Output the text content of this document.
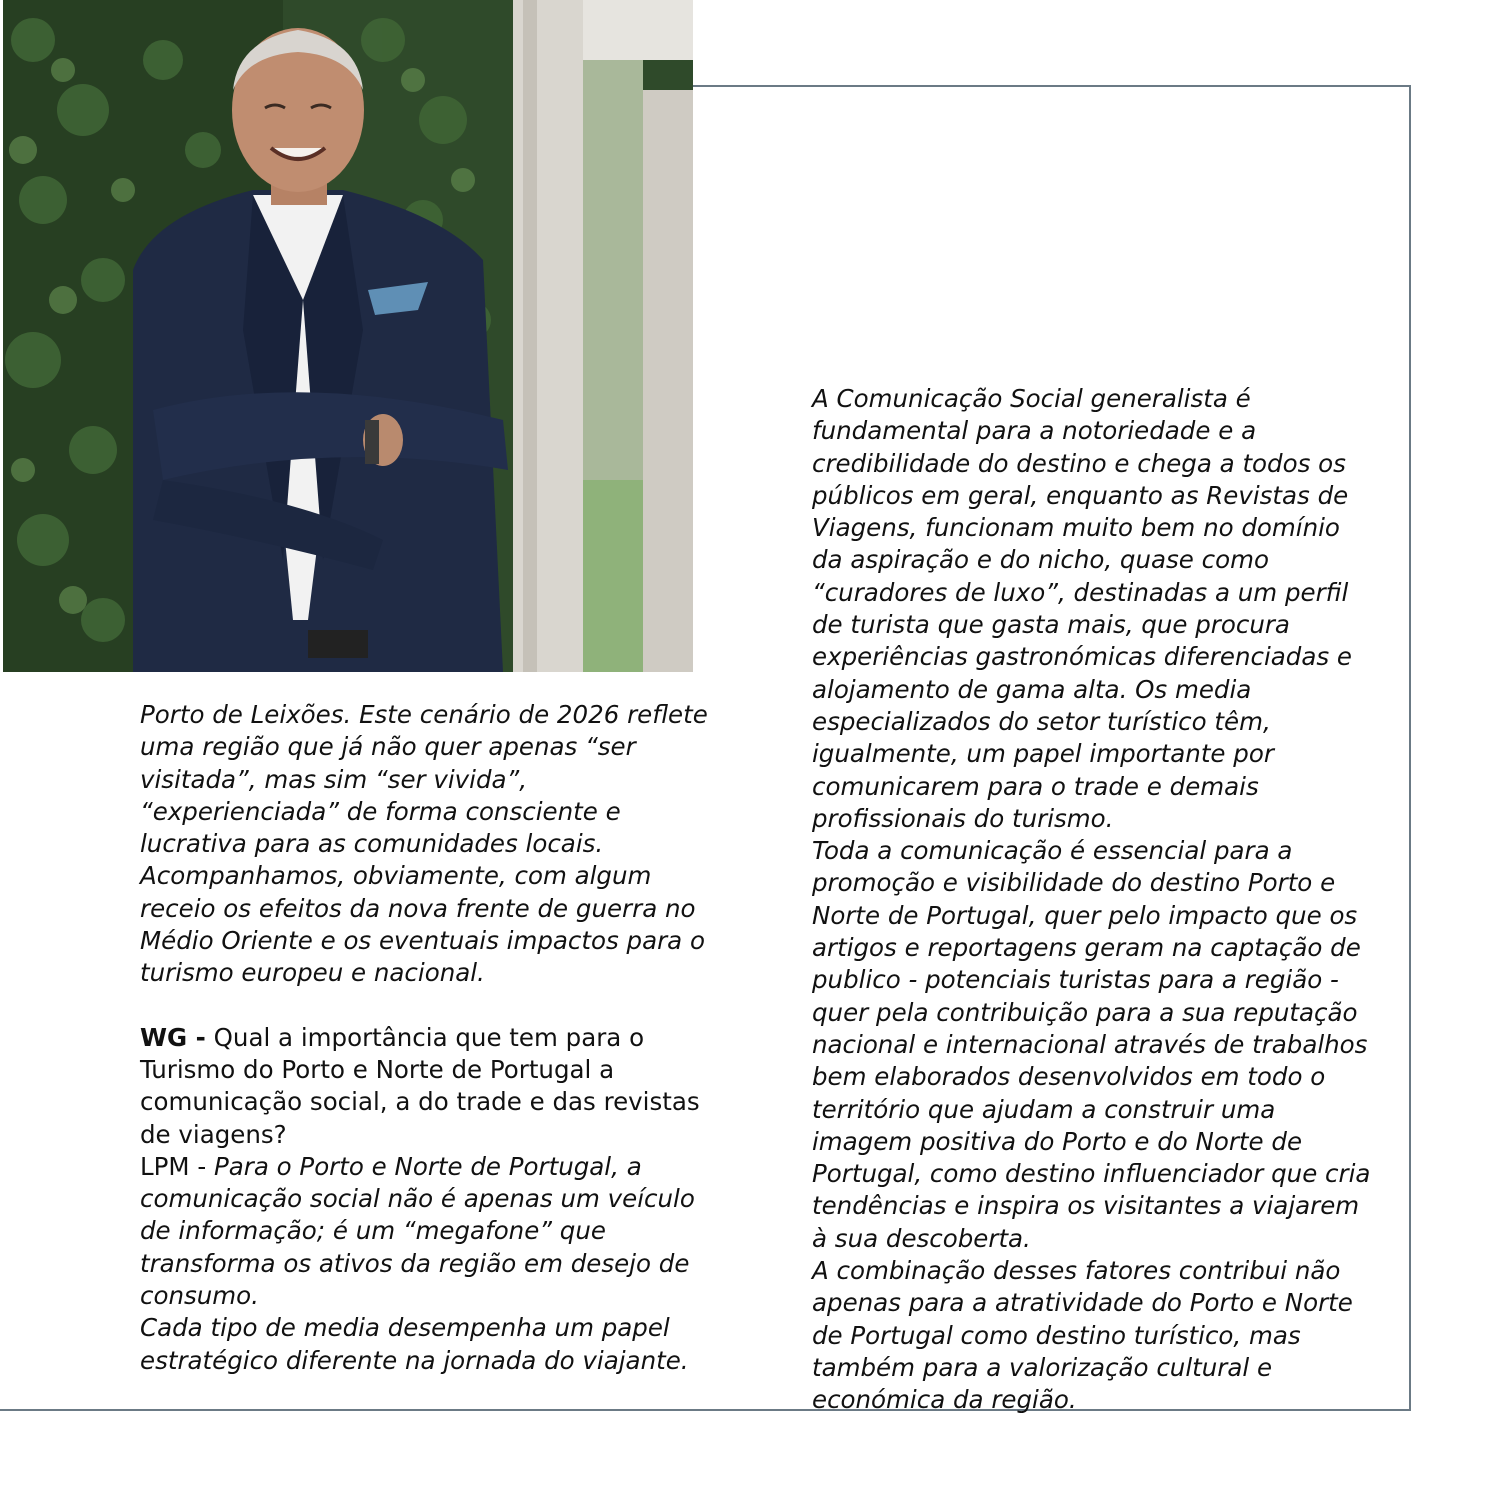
Porto de Leixões. Este cenário de 2026 reflete uma região que já não quer apenas “ser visitada”, mas sim “ser vivida”, “experienciada” de forma consciente e lucrativa para as comunidades locais. Acompanhamos, obviamente, com algum receio os efeitos da nova frente de guerra no Médio Oriente e os eventuais impactos para o turismo europeu e nacional.

WG - Qual a importância que tem para o Turismo do Porto e Norte de Portugal a comunicação social, a do trade e das revistas de viagens?

LPM - Para o Porto e Norte de Portugal, a comunicação social não é apenas um veículo de informação; é um “megafone” que transforma os ativos da região em desejo de consumo.

Cada tipo de media desempenha um papel estratégico diferente na jornada do viajante.

A Comunicação Social generalista é fundamental para a notoriedade e a credibilidade do destino e chega a todos os públicos em geral, enquanto as Revistas de Viagens, funcionam muito bem no domínio da aspiração e do nicho, quase como “curadores de luxo”, destinadas a um perfil de turista que gasta mais, que procura experiências gastronómicas diferenciadas e alojamento de gama alta. Os media especializados do setor turístico têm, igualmente, um papel importante por comunicarem para o trade e demais profissionais do turismo.

Toda a comunicação é essencial para a promoção e visibilidade do destino Porto e Norte de Portugal, quer pelo impacto que os artigos e reportagens geram na captação de publico - potenciais turistas para a região - quer pela contribuição para a sua reputação nacional e internacional através de trabalhos bem elaborados desenvolvidos em todo o território que ajudam a construir uma imagem positiva do Porto e do Norte de Portugal, como destino influenciador que cria tendências e inspira os visitantes a viajarem à sua descoberta.

A combinação desses fatores contribui não apenas para a atratividade do Porto e Norte de Portugal como destino turístico, mas também para a valorização cultural e económica da região.
